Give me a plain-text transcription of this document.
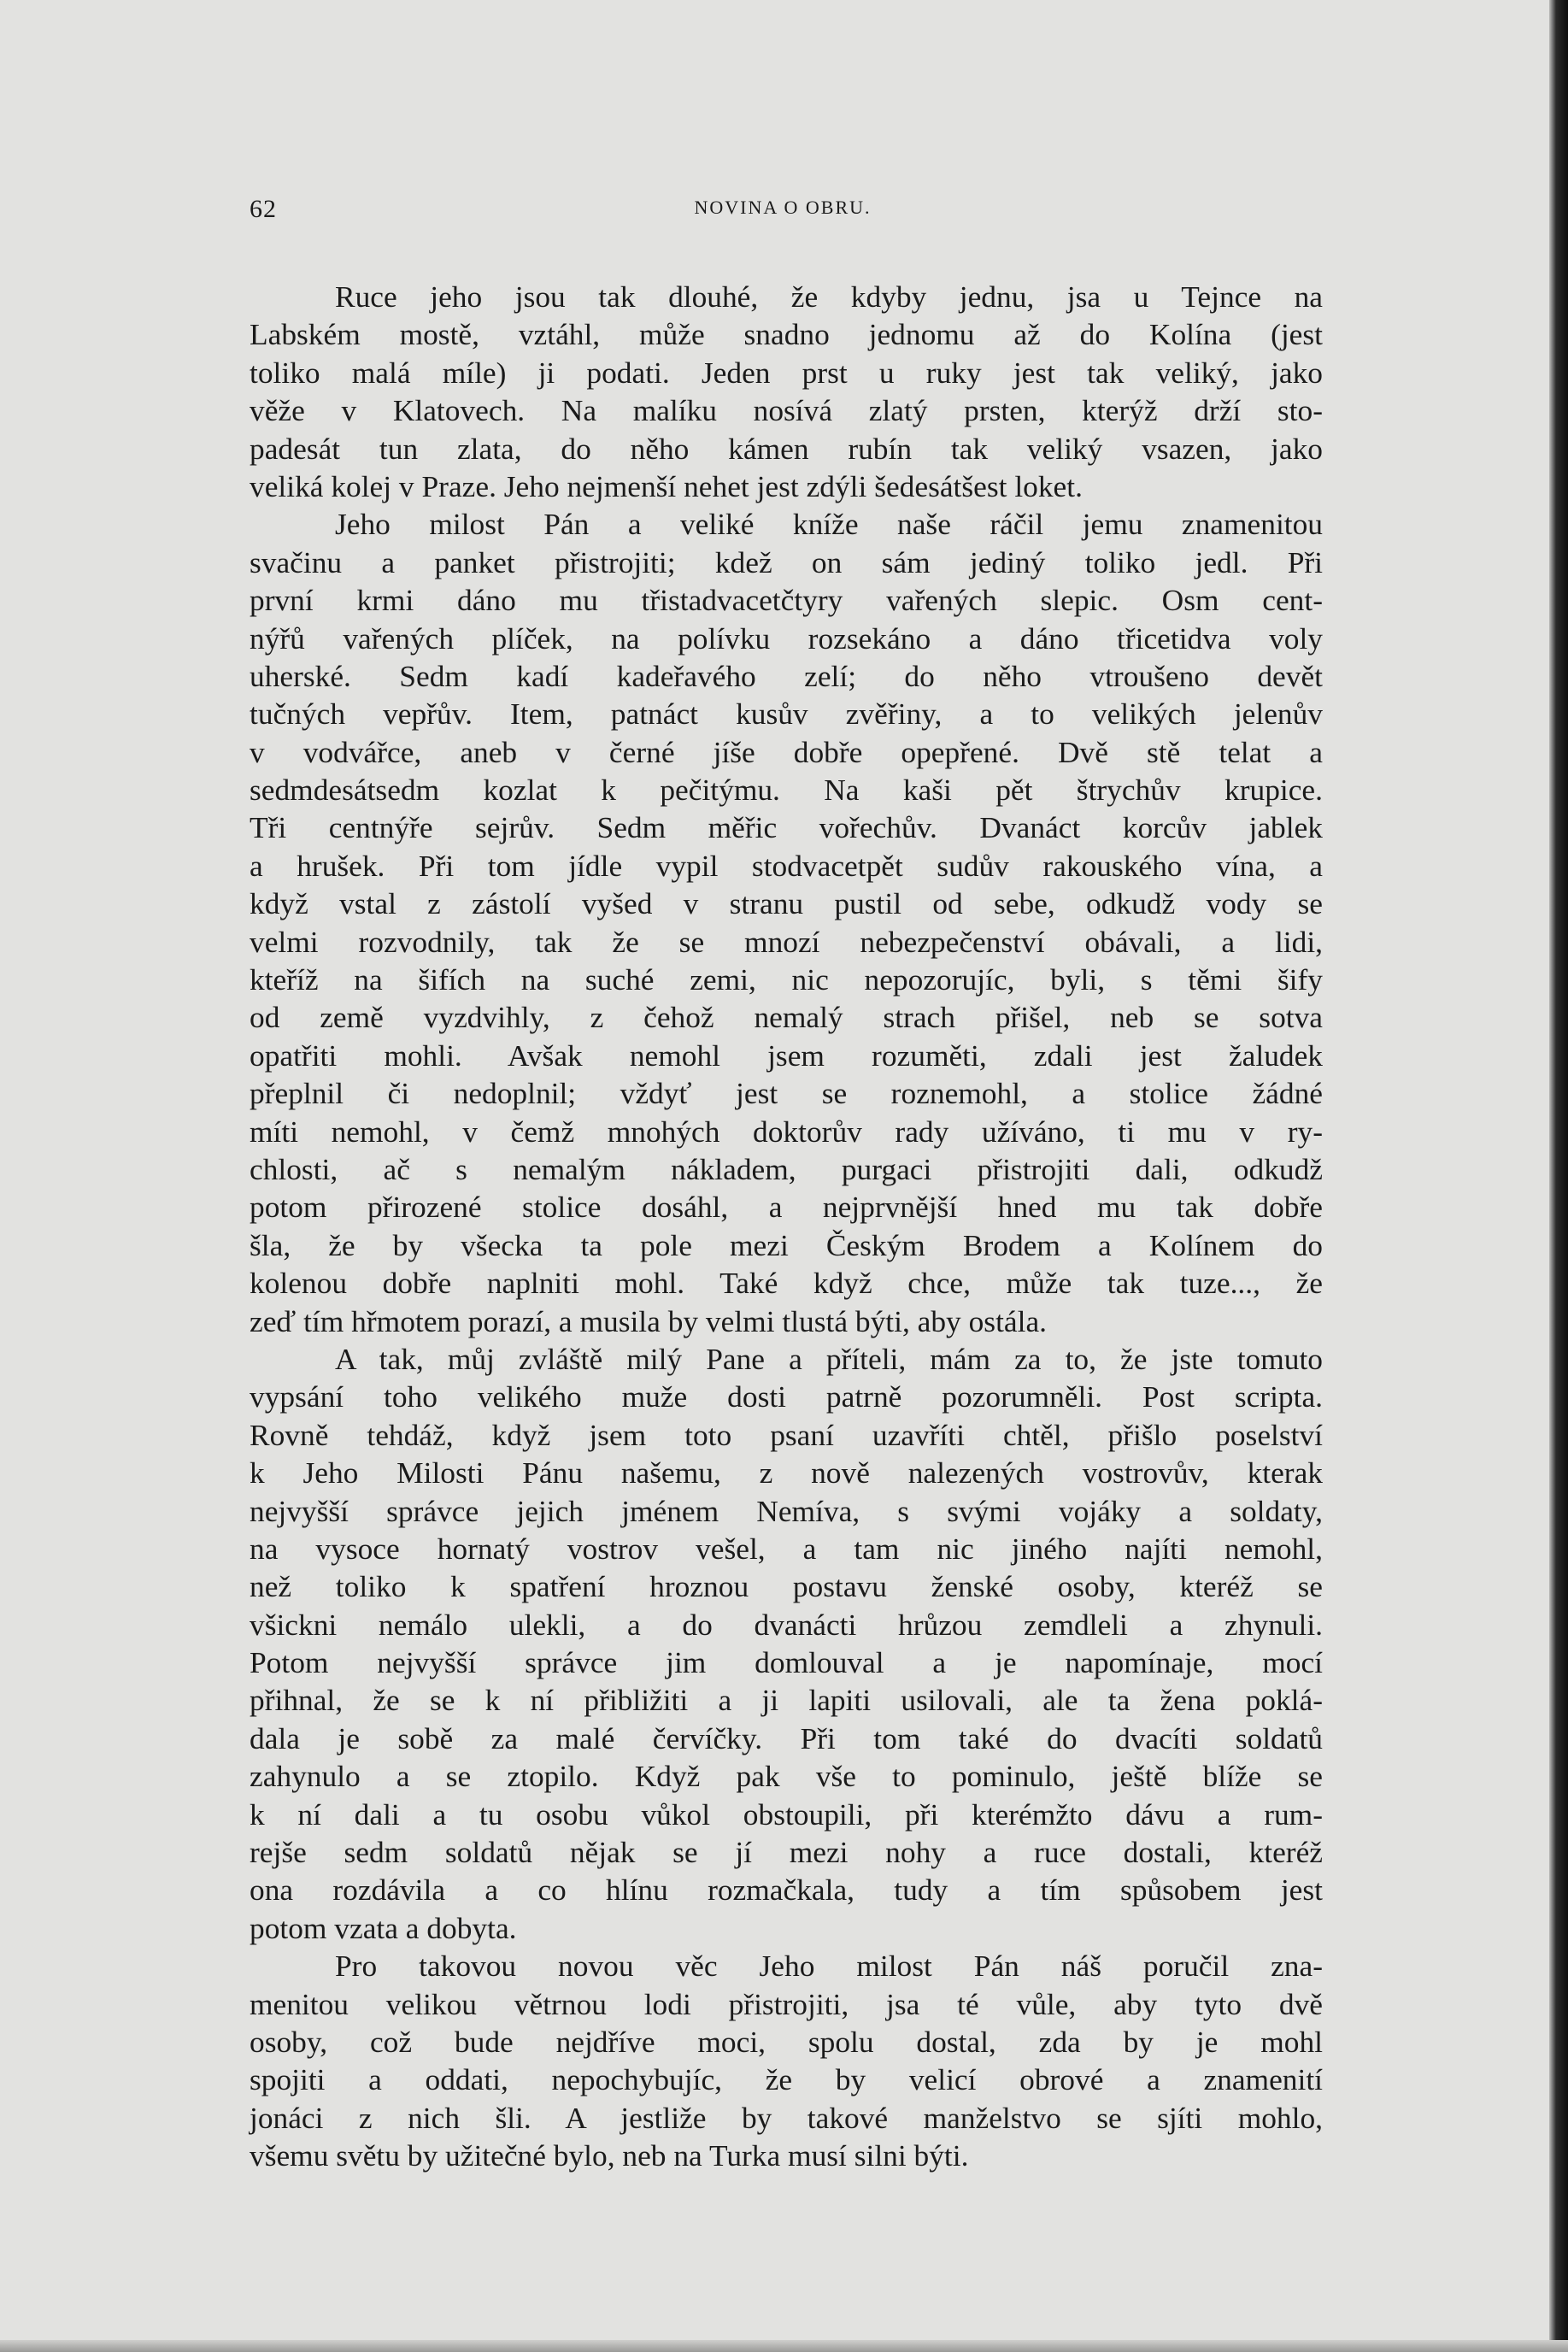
62	NOVINA O OBRU.
Ruce jeho jsou tak dlouhé, že kdyby jednu, jsa u Tejnce na
Labském mostě, vztáhl, může snadno jednomu až do Kolína (jest
toliko malá míle) ji podati. Jeden prst u ruky jest tak veliký, jako
věže v Klatovech. Na malíku nosívá zlatý prsten, kterýž drží sto-
padesát tun zlata, do něho kámen rubín tak veliký vsazen, jako
veliká kolej v Praze. Jeho nejmenší nehet jest zdýli šedesátšest loket.
Jeho milost Pán a veliké kníže naše ráčil jemu znamenitou
svačinu a panket přistrojiti; kdež on sám jediný toliko jedl. Při
první krmi dáno mu třistadvacetčtyry vařených slepic. Osm cent-
nýřů vařených plíček, na polívku rozsekáno a dáno třicetidva voly
uherské. Sedm kadí kadeřavého zelí; do něho vtroušeno devět
tučných vepřův. Item, patnáct kusův zvěřiny, a to velikých jelenův
v vodvářce, aneb v černé jíše dobře opepřené. Dvě stě telat a
sedmdesátsedm kozlat k pečitýmu. Na kaši pět štrychův krupice.
Tři centnýře sejrův. Sedm měřic vořechův. Dvanáct korcův jablek
a hrušek. Při tom jídle vypil stodvacetpět sudův rakouského vína, a
když vstal z zástolí vyšed v stranu pustil od sebe, odkudž vody se
velmi rozvodnily, tak že se mnozí nebezpečenství obávali, a lidi,
kteříž na šifích na suché zemi, nic nepozorujíc, byli, s těmi šify
od země vyzdvihly, z čehož nemalý strach přišel, neb se sotva
opatřiti mohli. Avšak nemohl jsem rozuměti, zdali jest žaludek
přeplnil či nedoplnil; vždyť jest se roznemohl, a stolice žádné
míti nemohl, v čemž mnohých doktorův rady užíváno, ti mu v ry-
chlosti, ač s nemalým nákladem, purgaci přistrojiti dali, odkudž
potom přirozené stolice dosáhl, a nejprvnější hned mu tak dobře
šla, že by všecka ta pole mezi Českým Brodem a Kolínem do
kolenou dobře naplniti mohl. Také když chce, může tak tuze..., že
zeď tím hřmotem porazí, a musila by velmi tlustá býti, aby ostála.
A tak, můj zvláště milý Pane a příteli, mám za to, že jste tomuto
vypsání toho velikého muže dosti patrně pozorumněli. Post scripta.
Rovně tehdáž, když jsem toto psaní uzavříti chtěl, přišlo poselství
k Jeho Milosti Pánu našemu, z nově nalezených vostrovův, kterak
nejvyšší správce jejich jménem Nemíva, s svými vojáky a soldaty,
na vysoce hornatý vostrov vešel, a tam nic jiného najíti nemohl,
než toliko k spatření hroznou postavu ženské osoby, kteréž se
všickni nemálo ulekli, a do dvanácti hrůzou zemdleli a zhynuli.
Potom nejvyšší správce jim domlouval a je napomínaje, mocí
přihnal, že se k ní přibližiti a ji lapiti usilovali, ale ta žena poklá-
dala je sobě za malé červíčky. Při tom také do dvacíti soldatů
zahynulo a se ztopilo. Když pak vše to pominulo, ještě blíže se
k ní dali a tu osobu vůkol obstoupili, při kterémžto dávu a rum-
rejše sedm soldatů nějak se jí mezi nohy a ruce dostali, kteréž
ona rozdávila a co hlínu rozmačkala, tudy a tím spůsobem jest
potom vzata a dobyta.
Pro takovou novou věc Jeho milost Pán náš poručil zna-
menitou velikou větrnou lodi přistrojiti, jsa té vůle, aby tyto dvě
osoby, což bude nejdříve moci, spolu dostal, zda by je mohl
spojiti a oddati, nepochybujíc, že by velicí obrové a znamenití
jonáci z nich šli. A jestliže by takové manželstvo se sjíti mohlo,
všemu světu by užitečné bylo, neb na Turka musí silni býti.
